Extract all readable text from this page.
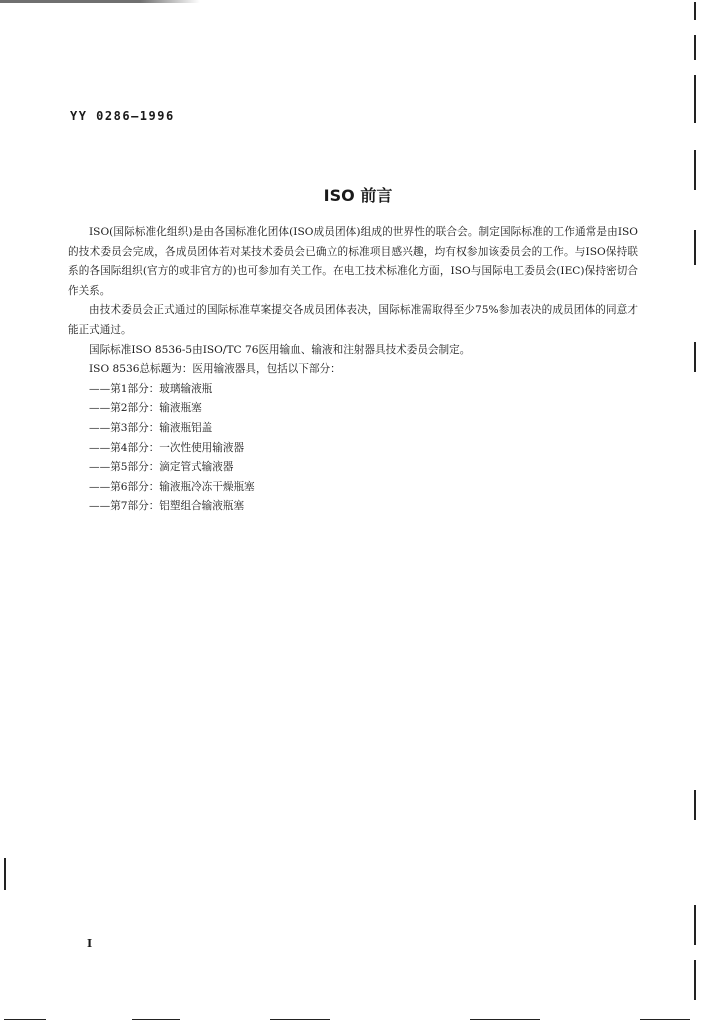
YY 0286—1996
ISO 前言

ISO(国际标准化组织)是由各国标准化团体(ISO成员团体)组成的世界性的联合会。制定国际标准的工作通常是由ISO的技术委员会完成，各成员团体若对某技术委员会已确立的标准项目感兴趣，均有权参加该委员会的工作。与ISO保持联系的各国际组织(官方的或非官方的)也可参加有关工作。在电工技术标准化方面，ISO与国际电工委员会(IEC)保持密切合作关系。

由技术委员会正式通过的国际标准草案提交各成员团体表决，国际标准需取得至少75%参加表决的成员团体的同意才能正式通过。

国际标准ISO 8536-5由ISO/TC 76医用输血、输液和注射器具技术委员会制定。

ISO 8536总标题为：医用输液器具，包括以下部分：

——第1部分：玻璃输液瓶

——第2部分：输液瓶塞

——第3部分：输液瓶铝盖

——第4部分：一次性使用输液器

——第5部分：滴定管式输液器

——第6部分：输液瓶冷冻干燥瓶塞

——第7部分：铝塑组合输液瓶塞

I
